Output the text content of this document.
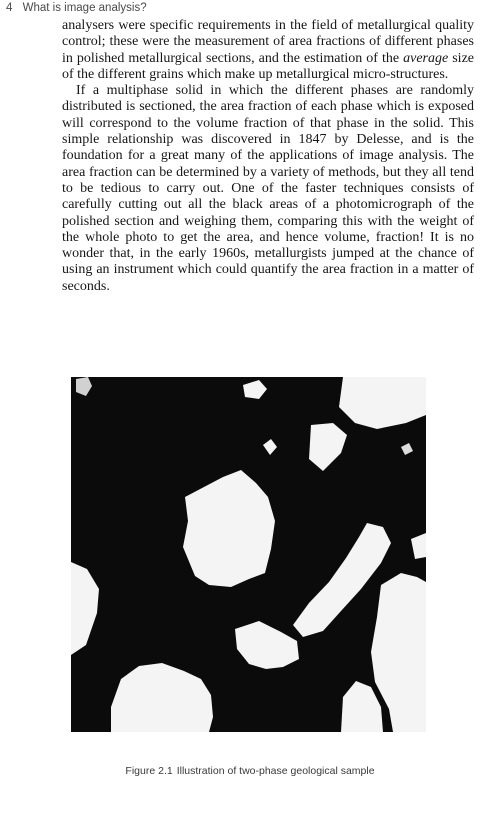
4 What is image analysis?

analysers were specific requirements in the field of metallurgical quality control; these were the measurement of area fractions of different phases in polished metallurgical sections, and the estimation of the average size of the different grains which make up metallurgical micro-structures.

If a multiphase solid in which the different phases are randomly distributed is sectioned, the area fraction of each phase which is exposed will correspond to the volume fraction of that phase in the solid. This simple relationship was discovered in 1847 by Delesse, and is the foundation for a great many of the applications of image analysis. The area fraction can be determined by a variety of methods, but they all tend to be tedious to carry out. One of the faster techniques consists of carefully cutting out all the black areas of a photomicrograph of the polished section and weighing them, comparing this with the weight of the whole photo to get the area, and hence volume, fraction! It is no wonder that, in the early 1960s, metallurgists jumped at the chance of using an instrument which could quantify the area fraction in a matter of seconds.

Figure 2.1 Illustration of two-phase geological sample
